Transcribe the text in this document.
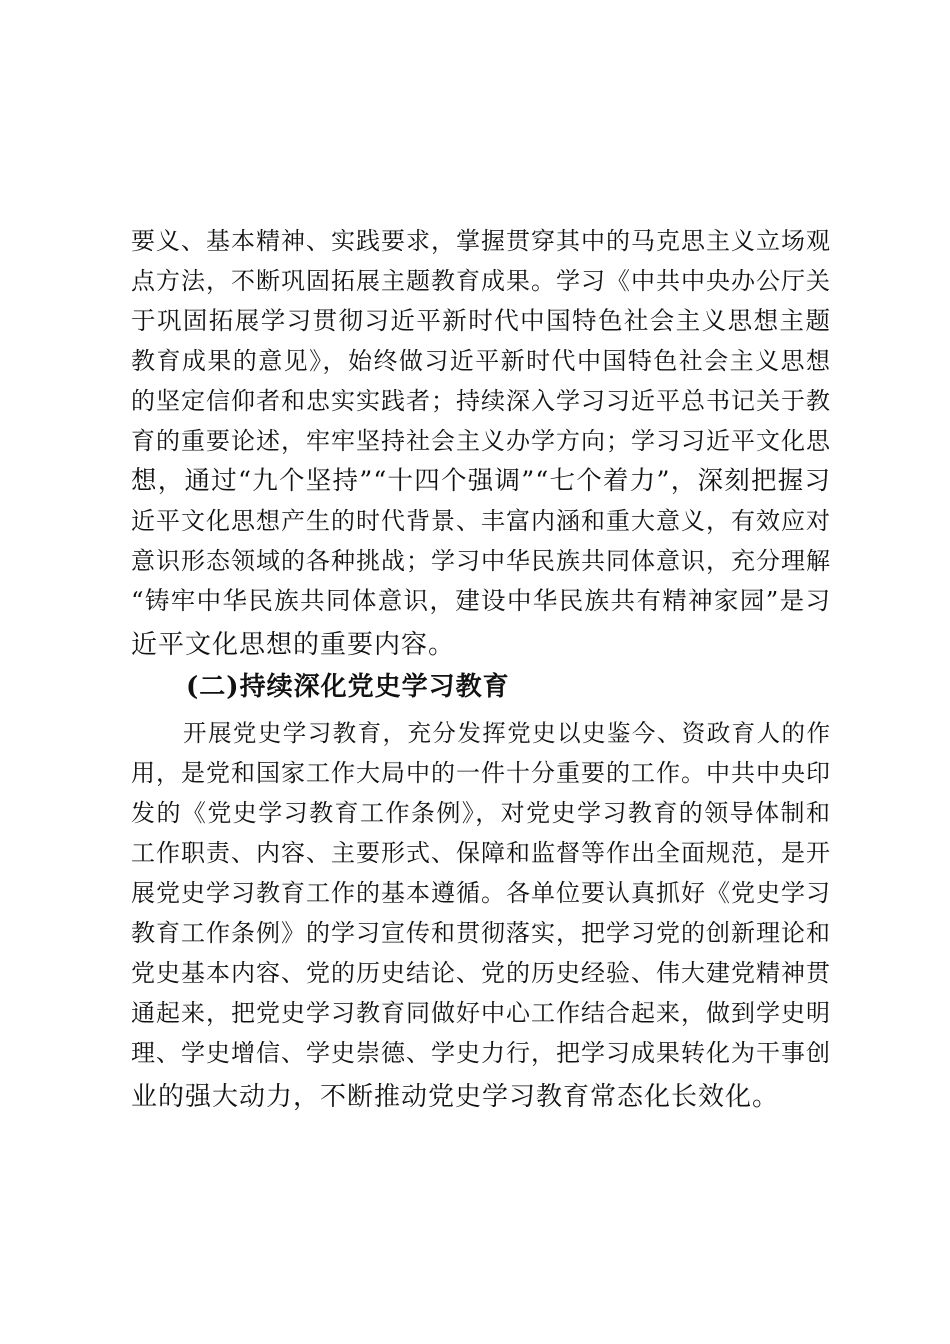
要义、基本精神、实践要求，掌握贯穿其中的马克思主义立场观
点方法，不断巩固拓展主题教育成果。学习《中共中央办公厅关
于巩固拓展学习贯彻习近平新时代中国特色社会主义思想主题
教育成果的意见》，始终做习近平新时代中国特色社会主义思想
的坚定信仰者和忠实实践者；持续深入学习习近平总书记关于教
育的重要论述，牢牢坚持社会主义办学方向；学习习近平文化思
想，通过“九个坚持”“十四个强调”“七个着力”，深刻把握习
近平文化思想产生的时代背景、丰富内涵和重大意义，有效应对
意识形态领域的各种挑战；学习中华民族共同体意识，充分理解
“铸牢中华民族共同体意识，建设中华民族共有精神家园”是习
近平文化思想的重要内容。
(二)持续深化党史学习教育
开展党史学习教育，充分发挥党史以史鉴今、资政育人的作
用，是党和国家工作大局中的一件十分重要的工作。中共中央印
发的《党史学习教育工作条例》，对党史学习教育的领导体制和
工作职责、内容、主要形式、保障和监督等作出全面规范，是开
展党史学习教育工作的基本遵循。各单位要认真抓好《党史学习
教育工作条例》的学习宣传和贯彻落实，把学习党的创新理论和
党史基本内容、党的历史结论、党的历史经验、伟大建党精神贯
通起来，把党史学习教育同做好中心工作结合起来，做到学史明
理、学史增信、学史崇德、学史力行，把学习成果转化为干事创
业的强大动力，不断推动党史学习教育常态化长效化。
